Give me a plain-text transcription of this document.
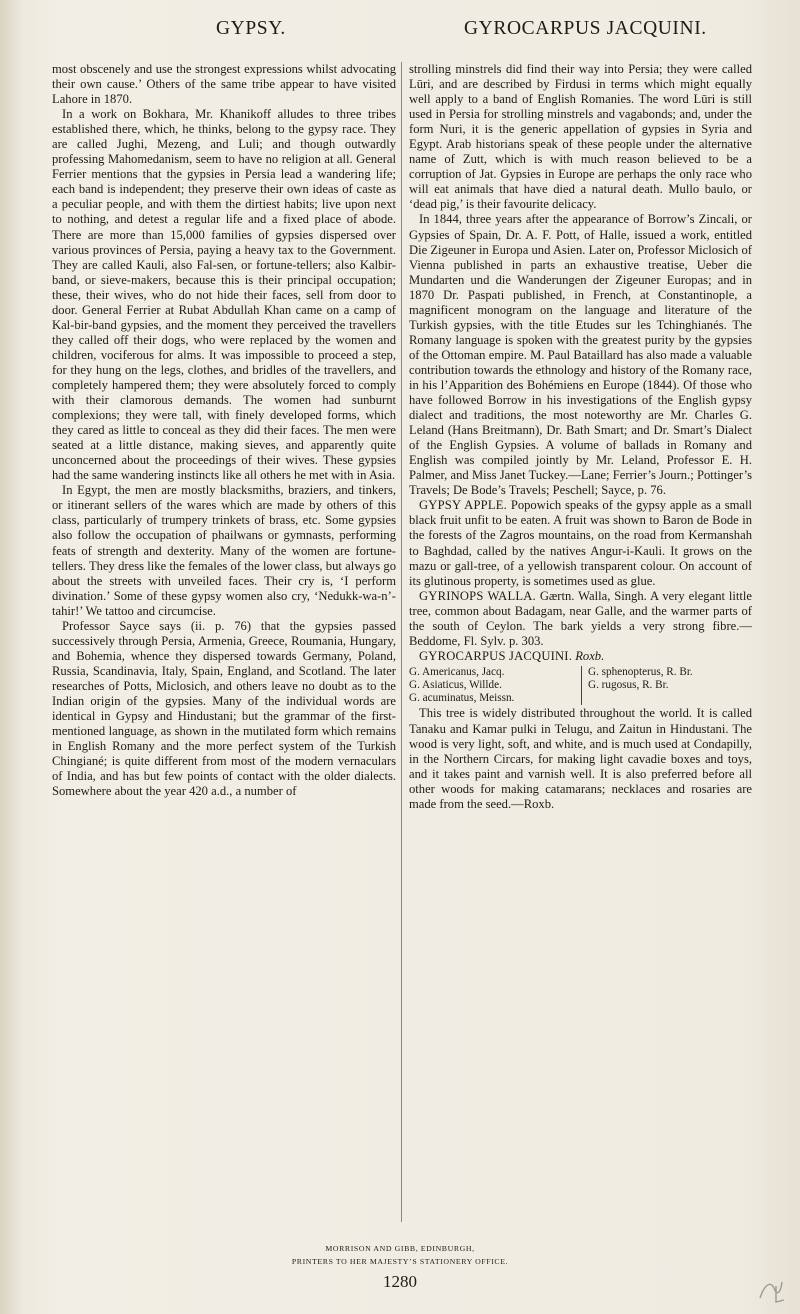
GYPSY.	GYROCARPUS JACQUINI.

most obscenely and use the strongest expressions whilst advocating their own cause.’ Others of the same tribe appear to have visited Lahore in 1870.

In a work on Bokhara, Mr. Khanikoff alludes to three tribes established there, which, he thinks, belong to the gypsy race. They are called Jughi, Mezeng, and Luli; and though outwardly professing Mahomedanism, seem to have no religion at all. General Ferrier mentions that the gypsies in Persia lead a wandering life; each band is independent; they preserve their own ideas of caste as a peculiar people, and with them the dirtiest habits; live upon next to nothing, and detest a regular life and a fixed place of abode. There are more than 15,000 families of gypsies dispersed over various provinces of Persia, paying a heavy tax to the Government. They are called Kauli, also Fal-sen, or fortune-tellers; also Kalbir-band, or sieve-makers, because this is their principal occupation; these, their wives, who do not hide their faces, sell from door to door. General Ferrier at Rubat Abdullah Khan came on a camp of Kal-bir-band gypsies, and the moment they perceived the travellers they called off their dogs, who were replaced by the women and children, vociferous for alms. It was impossible to proceed a step, for they hung on the legs, clothes, and bridles of the travellers, and completely hampered them; they were absolutely forced to comply with their clamorous demands. The women had sunburnt complexions; they were tall, with finely developed forms, which they cared as little to conceal as they did their faces. The men were seated at a little distance, making sieves, and apparently quite unconcerned about the proceedings of their wives. These gypsies had the same wandering instincts like all others he met with in Asia.

In Egypt, the men are mostly blacksmiths, braziers, and tinkers, or itinerant sellers of the wares which are made by others of this class, particularly of trumpery trinkets of brass, etc. Some gypsies also follow the occupation of phailwans or gymnasts, performing feats of strength and dexterity. Many of the women are fortune-tellers. They dress like the females of the lower class, but always go about the streets with unveiled faces. Their cry is, ‘I perform divination.’ Some of these gypsy women also cry, ‘Nedukk-wa-n’-tahir!’ We tattoo and circumcise.

Professor Sayce says (ii. p. 76) that the gypsies passed successively through Persia, Armenia, Greece, Roumania, Hungary, and Bohemia, whence they dispersed towards Germany, Poland, Russia, Scandinavia, Italy, Spain, England, and Scotland. The later researches of Potts, Miclosich, and others leave no doubt as to the Indian origin of the gypsies. Many of the individual words are identical in Gypsy and Hindustani; but the grammar of the first-mentioned language, as shown in the mutilated form which remains in English Romany and the more perfect system of the Turkish Chingiané; is quite different from most of the modern vernaculars of India, and has but few points of contact with the older dialects. Somewhere about the year 420 a.d., a number of

strolling minstrels did find their way into Persia; they were called Lūri, and are described by Firdusi in terms which might equally well apply to a band of English Romanies. The word Lūri is still used in Persia for strolling minstrels and vagabonds; and, under the form Nuri, it is the generic appellation of gypsies in Syria and Egypt. Arab historians speak of these people under the alternative name of Zutt, which is with much reason believed to be a corruption of Jat. Gypsies in Europe are perhaps the only race who will eat animals that have died a natural death. Mullo baulo, or ‘dead pig,’ is their favourite delicacy.

In 1844, three years after the appearance of Borrow’s Zincali, or Gypsies of Spain, Dr. A. F. Pott, of Halle, issued a work, entitled Die Zigeuner in Europa und Asien. Later on, Professor Miclosich of Vienna published in parts an exhaustive treatise, Ueber die Mundarten und die Wanderungen der Zigeuner Europas; and in 1870 Dr. Paspati published, in French, at Constantinople, a magnificent monogram on the language and literature of the Turkish gypsies, with the title Etudes sur les Tchinghianés. The Romany language is spoken with the greatest purity by the gypsies of the Ottoman empire. M. Paul Bataillard has also made a valuable contribution towards the ethnology and history of the Romany race, in his l’Apparition des Bohémiens en Europe (1844). Of those who have followed Borrow in his investigations of the English gypsy dialect and traditions, the most noteworthy are Mr. Charles G. Leland (Hans Breitmann), Dr. Bath Smart; and Dr. Smart’s Dialect of the English Gypsies. A volume of ballads in Romany and English was compiled jointly by Mr. Leland, Professor E. H. Palmer, and Miss Janet Tuckey.—Lane; Ferrier’s Journ.; Pottinger’s Travels; De Bode’s Travels; Peschell; Sayce, p. 76.

GYPSY APPLE. Popowich speaks of the gypsy apple as a small black fruit unfit to be eaten. A fruit was shown to Baron de Bode in the forests of the Zagros mountains, on the road from Kermanshah to Baghdad, called by the natives Angur-i-Kauli. It grows on the mazu or gall-tree, of a yellowish transparent colour. On account of its glutinous property, is sometimes used as glue.

GYRINOPS WALLA. Gærtn. Walla, Singh. A very elegant little tree, common about Badagam, near Galle, and the warmer parts of the south of Ceylon. The bark yields a very strong fibre.—Beddome, Fl. Sylv. p. 303.

GYROCARPUS JACQUINI. Roxb.

G. Americanus, Jacq.
G. Asiaticus, Willde.
G. acuminatus, Meissn.
G. sphenopterus, R. Br.
G. rugosus, R. Br.

This tree is widely distributed throughout the world. It is called Tanaku and Kamar pulki in Telugu, and Zaitun in Hindustani. The wood is very light, soft, and white, and is much used at Condapilly, in the Northern Circars, for making light cavadie boxes and toys, and it takes paint and varnish well. It is also preferred before all other woods for making catamarans; necklaces and rosaries are made from the seed.—Roxb.

MORRISON AND GIBB, EDINBURGH,
PRINTERS TO HER MAJESTY’S STATIONERY OFFICE.
1280
